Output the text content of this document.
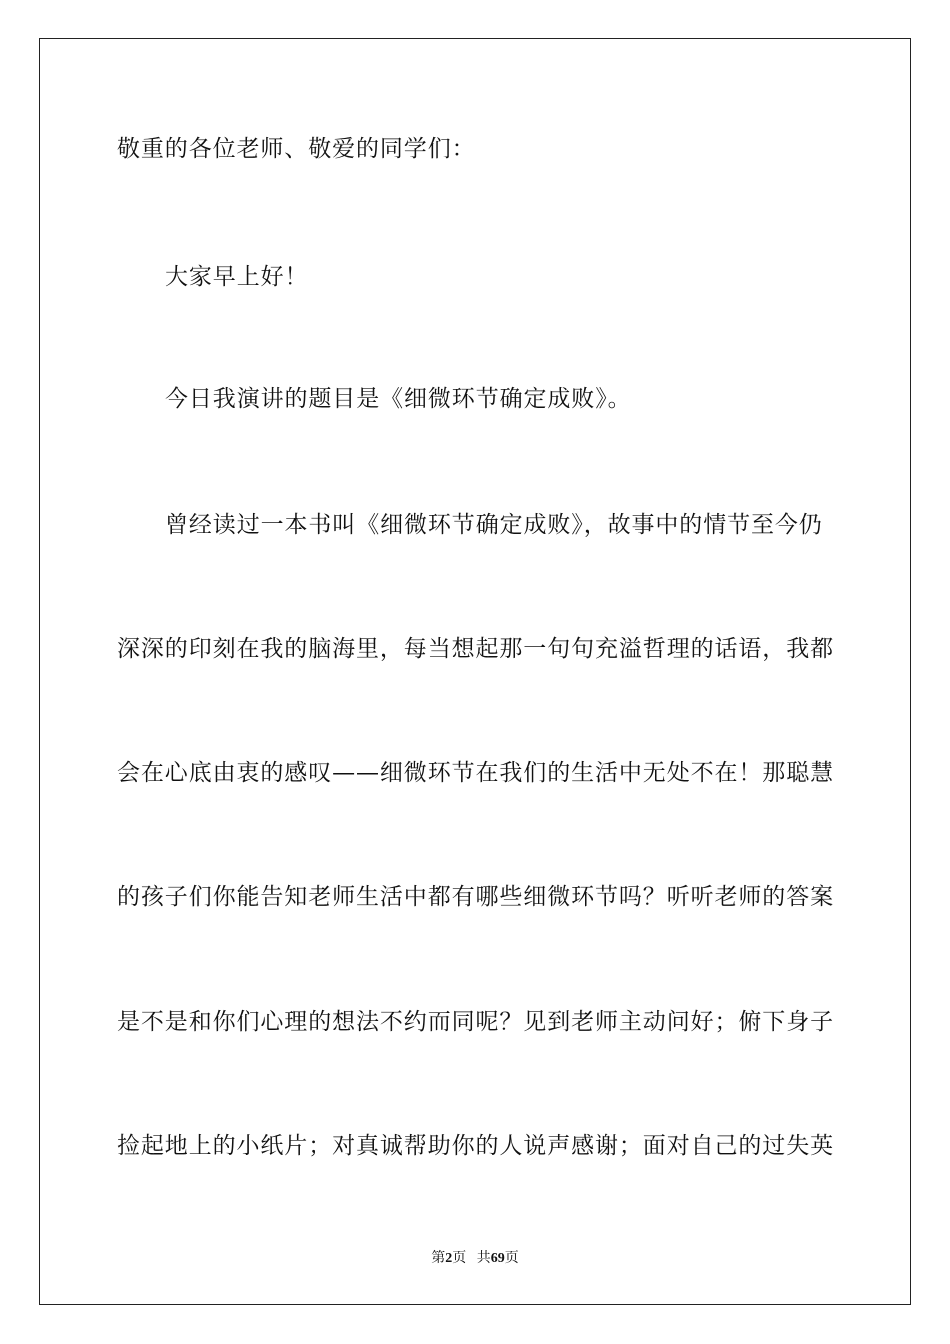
敬重的各位老师、敬爱的同学们：
大家早上好！
今日我演讲的题目是《细微环节确定成败》。
曾经读过一本书叫《细微环节确定成败》，故事中的情节至今仍
深深的印刻在我的脑海里，每当想起那一句句充溢哲理的话语，我都
会在心底由衷的感叹——细微环节在我们的生活中无处不在！那聪慧
的孩子们你能告知老师生活中都有哪些细微环节吗？听听老师的答案
是不是和你们心理的想法不约而同呢？见到老师主动问好；俯下身子
捡起地上的小纸片；对真诚帮助你的人说声感谢；面对自己的过失英
第2页 共69页
